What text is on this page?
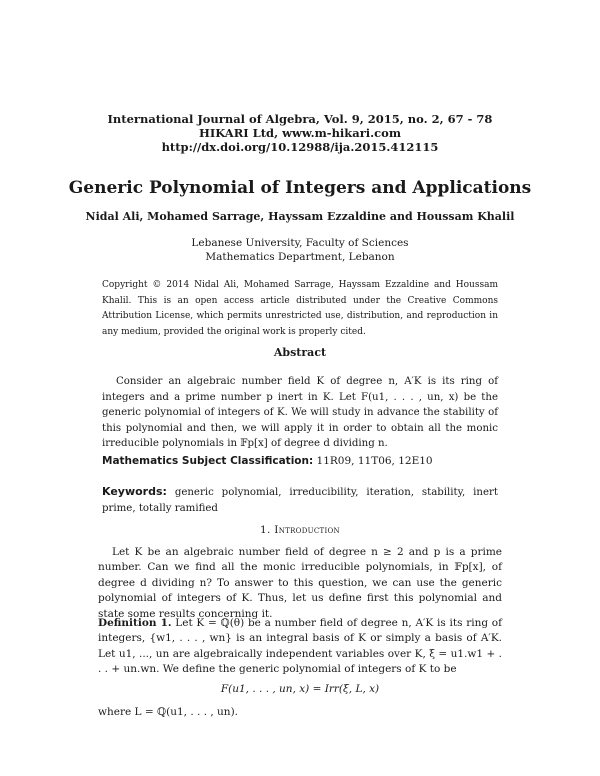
International Journal of Algebra, Vol. 9, 2015, no. 2, 67 - 78
HIKARI Ltd, www.m-hikari.com
http://dx.doi.org/10.12988/ija.2015.412115
Generic Polynomial of Integers and Applications
Nidal Ali, Mohamed Sarrage, Hayssam Ezzaldine and Houssam Khalil
Lebanese University, Faculty of Sciences
Mathematics Department, Lebanon
Copyright © 2014 Nidal Ali, Mohamed Sarrage, Hayssam Ezzaldine and Houssam Khalil. This is an open access article distributed under the Creative Commons Attribution License, which permits unrestricted use, distribution, and reproduction in any medium, provided the original work is properly cited.
Abstract
Consider an algebraic number field K of degree n, A′K is its ring of integers and a prime number p inert in K. Let F(u1, . . . , un, x) be the generic polynomial of integers of K. We will study in advance the stability of this polynomial and then, we will apply it in order to obtain all the monic irreducible polynomials in 𝔽p[x] of degree d dividing n.
Mathematics Subject Classification: 11R09, 11T06, 12E10
Keywords: generic polynomial, irreducibility, iteration, stability, inert prime, totally ramified
1. Introduction
Let K be an algebraic number field of degree n ≥ 2 and p is a prime number. Can we find all the monic irreducible polynomials, in 𝔽p[x], of degree d dividing n? To answer to this question, we can use the generic polynomial of integers of K. Thus, let us define first this polynomial and state some results concerning it.
Definition 1. Let K = ℚ(θ) be a number field of degree n, A′K is its ring of integers, {w1, . . . , wn} is an integral basis of K or simply a basis of A′K. Let u1, ..., un are algebraically independent variables over K, ξ = u1.w1 + . . . + un.wn. We define the generic polynomial of integers of K to be
F(u1, . . . , un, x) = Irr(ξ, L, x)
where L = ℚ(u1, . . . , un).
